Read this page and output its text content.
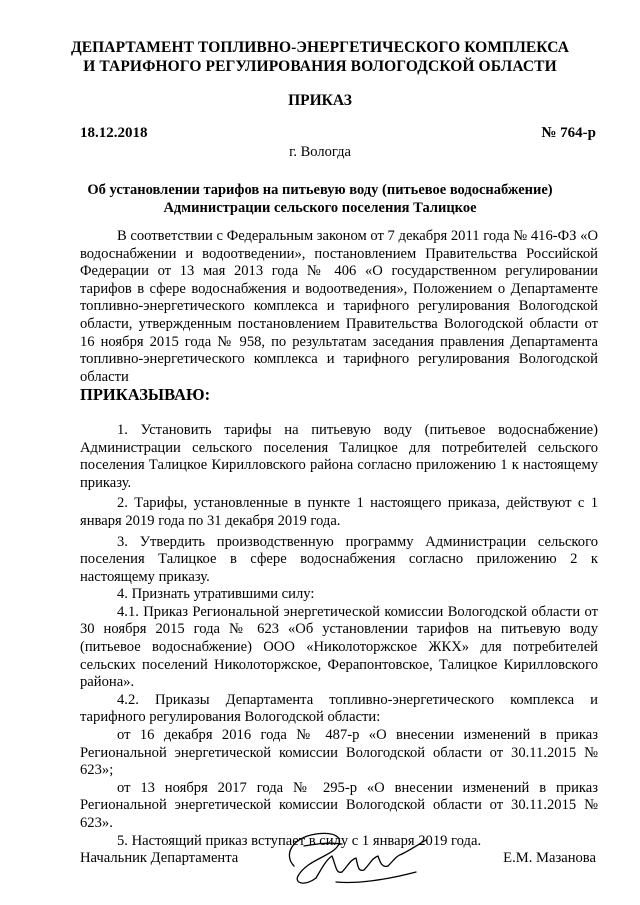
ДЕПАРТАМЕНТ ТОПЛИВНО-ЭНЕРГЕТИЧЕСКОГО КОМПЛЕКСА
И ТАРИФНОГО РЕГУЛИРОВАНИЯ ВОЛОГОДСКОЙ ОБЛАСТИ
ПРИКАЗ
18.12.2018	№ 764-р
г. Вологда
Об установлении тарифов на питьевую воду (питьевое водоснабжение)
Администрации сельского поселения Талицкое

В соответствии с Федеральным законом от 7 декабря 2011 года № 416-ФЗ «О водоснабжении и водоотведении», постановлением Правительства Российской Федерации от 13 мая 2013 года № 406 «О государственном регулировании тарифов в сфере водоснабжения и водоотведения», Положением о Департаменте топливно-энергетического комплекса и тарифного регулирования Вологодской области, утвержденным постановлением Правительства Вологодской области от 16 ноября 2015 года № 958, по результатам заседания правления Департамента топливно-энергетического комплекса и тарифного регулирования Вологодской области

ПРИКАЗЫВАЮ:

1. Установить тарифы на питьевую воду (питьевое водоснабжение) Администрации сельского поселения Талицкое для потребителей сельского поселения Талицкое Кирилловского района согласно приложению 1 к настоящему приказу.

2. Тарифы, установленные в пункте 1 настоящего приказа, действуют с 1 января 2019 года по 31 декабря 2019 года.

3. Утвердить производственную программу Администрации сельского поселения Талицкое в сфере водоснабжения согласно приложению 2 к настоящему приказу.

4. Признать утратившими силу:

4.1. Приказ Региональной энергетической комиссии Вологодской области от 30 ноября 2015 года № 623 «Об установлении тарифов на питьевую воду (питьевое водоснабжение) ООО «Николоторжское ЖКХ» для потребителей сельских поселений Николоторжское, Ферапонтовское, Талицкое Кирилловского района».

4.2. Приказы Департамента топливно-энергетического комплекса и тарифного регулирования Вологодской области:

от 16 декабря 2016 года № 487-р «О внесении изменений в приказ Региональной энергетической комиссии Вологодской области от 30.11.2015 № 623»;

от 13 ноября 2017 года № 295-р «О внесении изменений в приказ Региональной энергетической комиссии Вологодской области от 30.11.2015 № 623».

5. Настоящий приказ вступает в силу с 1 января 2019 года.

Начальник Департамента	Е.М. Мазанова
